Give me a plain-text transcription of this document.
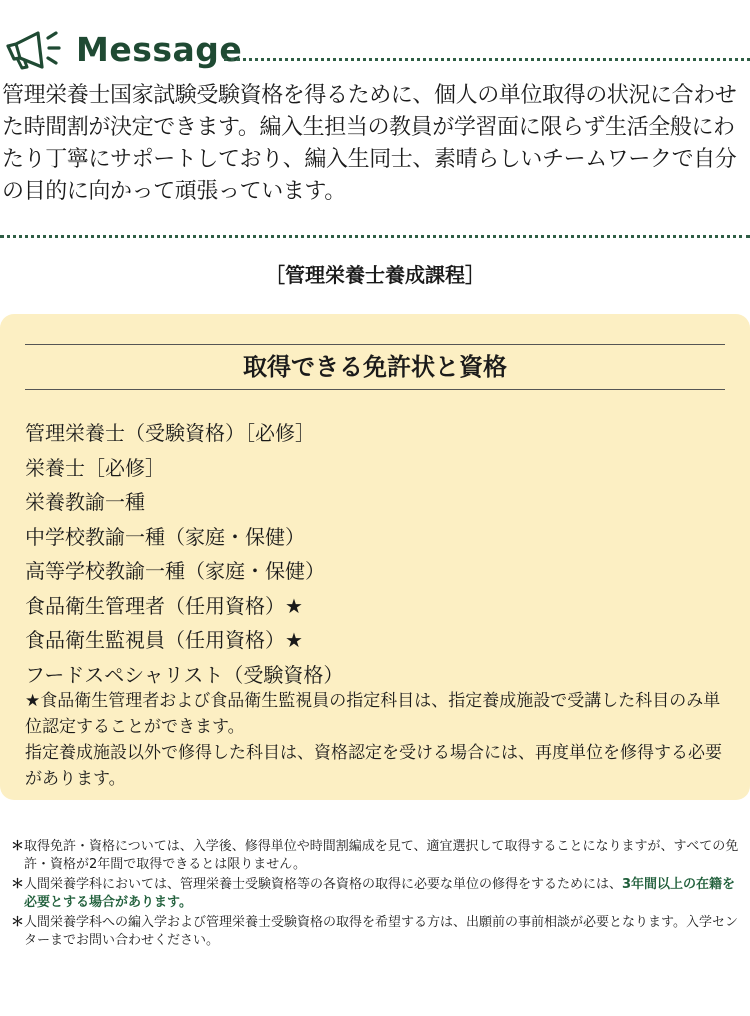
Message
管理栄養士国家試験受験資格を得るために、個人の単位取得の状況に合わせた時間割が決定できます。編入生担当の教員が学習面に限らず生活全般にわたり丁寧にサポートしており、編入生同士、素晴らしいチームワークで自分の目的に向かって頑張っています。
［管理栄養士養成課程］
取得できる免許状と資格
管理栄養士（受験資格）［必修］
栄養士［必修］
栄養教諭一種
中学校教諭一種（家庭・保健）
高等学校教諭一種（家庭・保健）
食品衛生管理者（任用資格）★
食品衛生監視員（任用資格）★
フードスペシャリスト（受験資格）

★食品衛生管理者および食品衛生監視員の指定科目は、指定養成施設で受講した科目のみ単位認定することができます。

指定養成施設以外で修得した科目は、資格認定を受ける場合には、再度単位を修得する必要があります。

＊ 取得免許・資格については、入学後、修得単位や時間割編成を見て、適宜選択して取得することになりますが、すべての免許・資格が2年間で取得できるとは限りません。
＊ 人間栄養学科においては、管理栄養士受験資格等の各資格の取得に必要な単位の修得をするためには、3年間以上の在籍を必要とする場合があります。
＊ 人間栄養学科への編入学および管理栄養士受験資格の取得を希望する方は、出願前の事前相談が必要となります。入学センターまでお問い合わせください。
